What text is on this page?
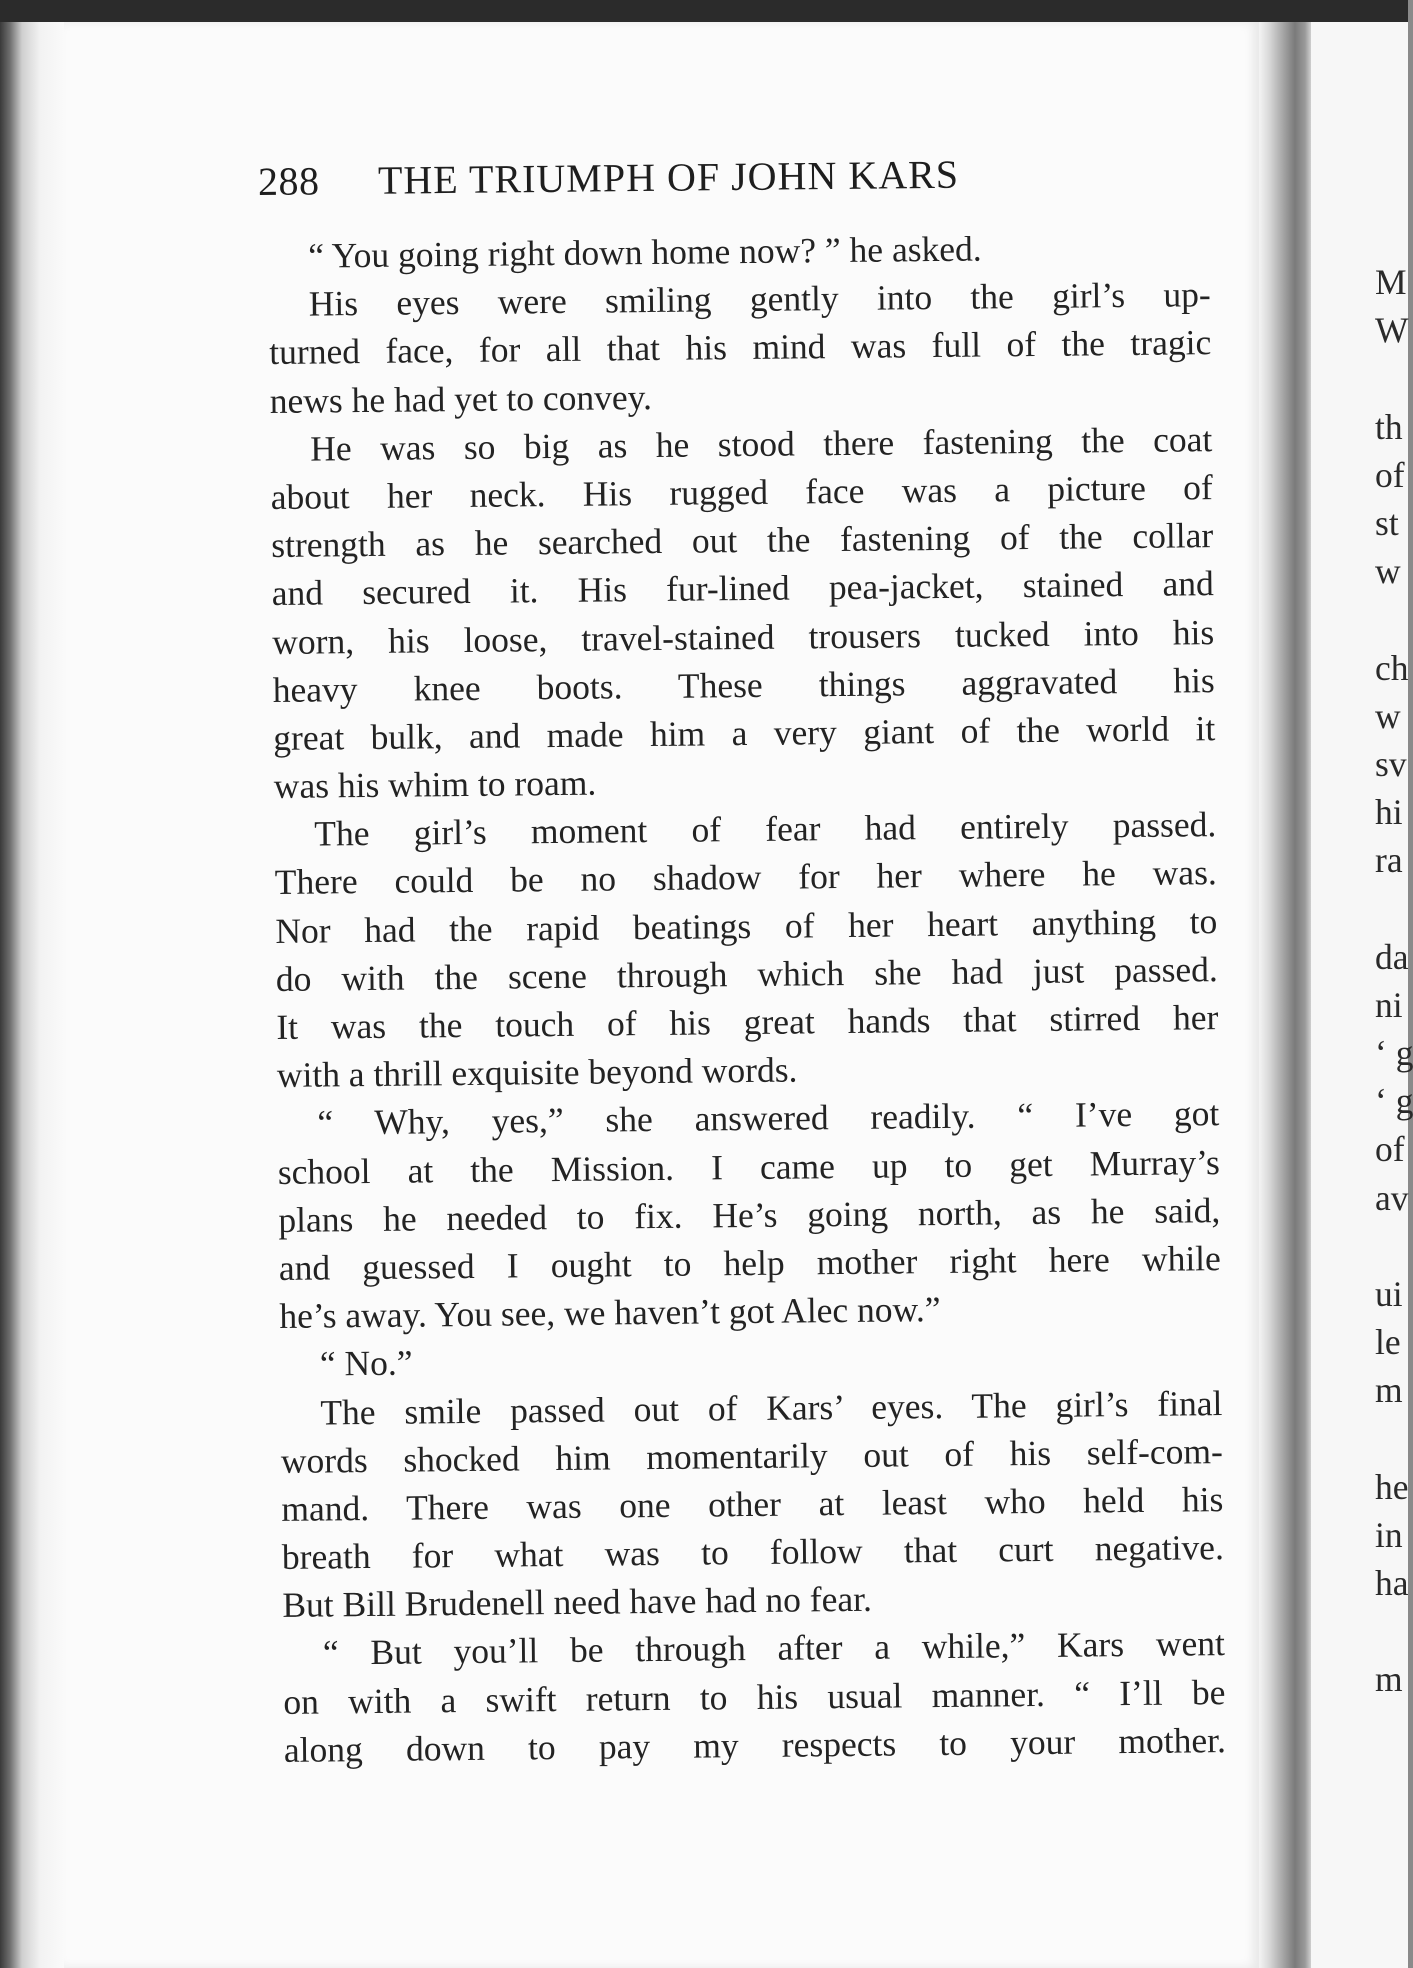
288 THE TRIUMPH OF JOHN KARS
“ You going right down home now? ” he asked.
His eyes were smiling gently into the girl’s up-
turned face, for all that his mind was full of the tragic
news he had yet to convey.
He was so big as he stood there fastening the coat
about her neck. His rugged face was a picture of
strength as he searched out the fastening of the collar
and secured it. His fur-lined pea-jacket, stained and
worn, his loose, travel-stained trousers tucked into his
heavy knee boots. These things aggravated his
great bulk, and made him a very giant of the world it
was his whim to roam.
The girl’s moment of fear had entirely passed.
There could be no shadow for her where he was.
Nor had the rapid beatings of her heart anything to
do with the scene through which she had just passed.
It was the touch of his great hands that stirred her
with a thrill exquisite beyond words.
“ Why, yes,” she answered readily. “ I’ve got
school at the Mission. I came up to get Murray’s
plans he needed to fix. He’s going north, as he said,
and guessed I ought to help mother right here while
he’s away. You see, we haven’t got Alec now.”
“ No.”
The smile passed out of Kars’ eyes. The girl’s final
words shocked him momentarily out of his self-com-
mand. There was one other at least who held his
breath for what was to follow that curt negative.
But Bill Brudenell need have had no fear.
“ But you’ll be through after a while,” Kars went
on with a swift return to his usual manner. “ I’ll be
along down to pay my respects to your mother.
M
W
th
of
st
w
ch
w
sv
hi
ra
da
ni
‘ g
‘ g
of
av
ui
le
m
he
in
ha
m
